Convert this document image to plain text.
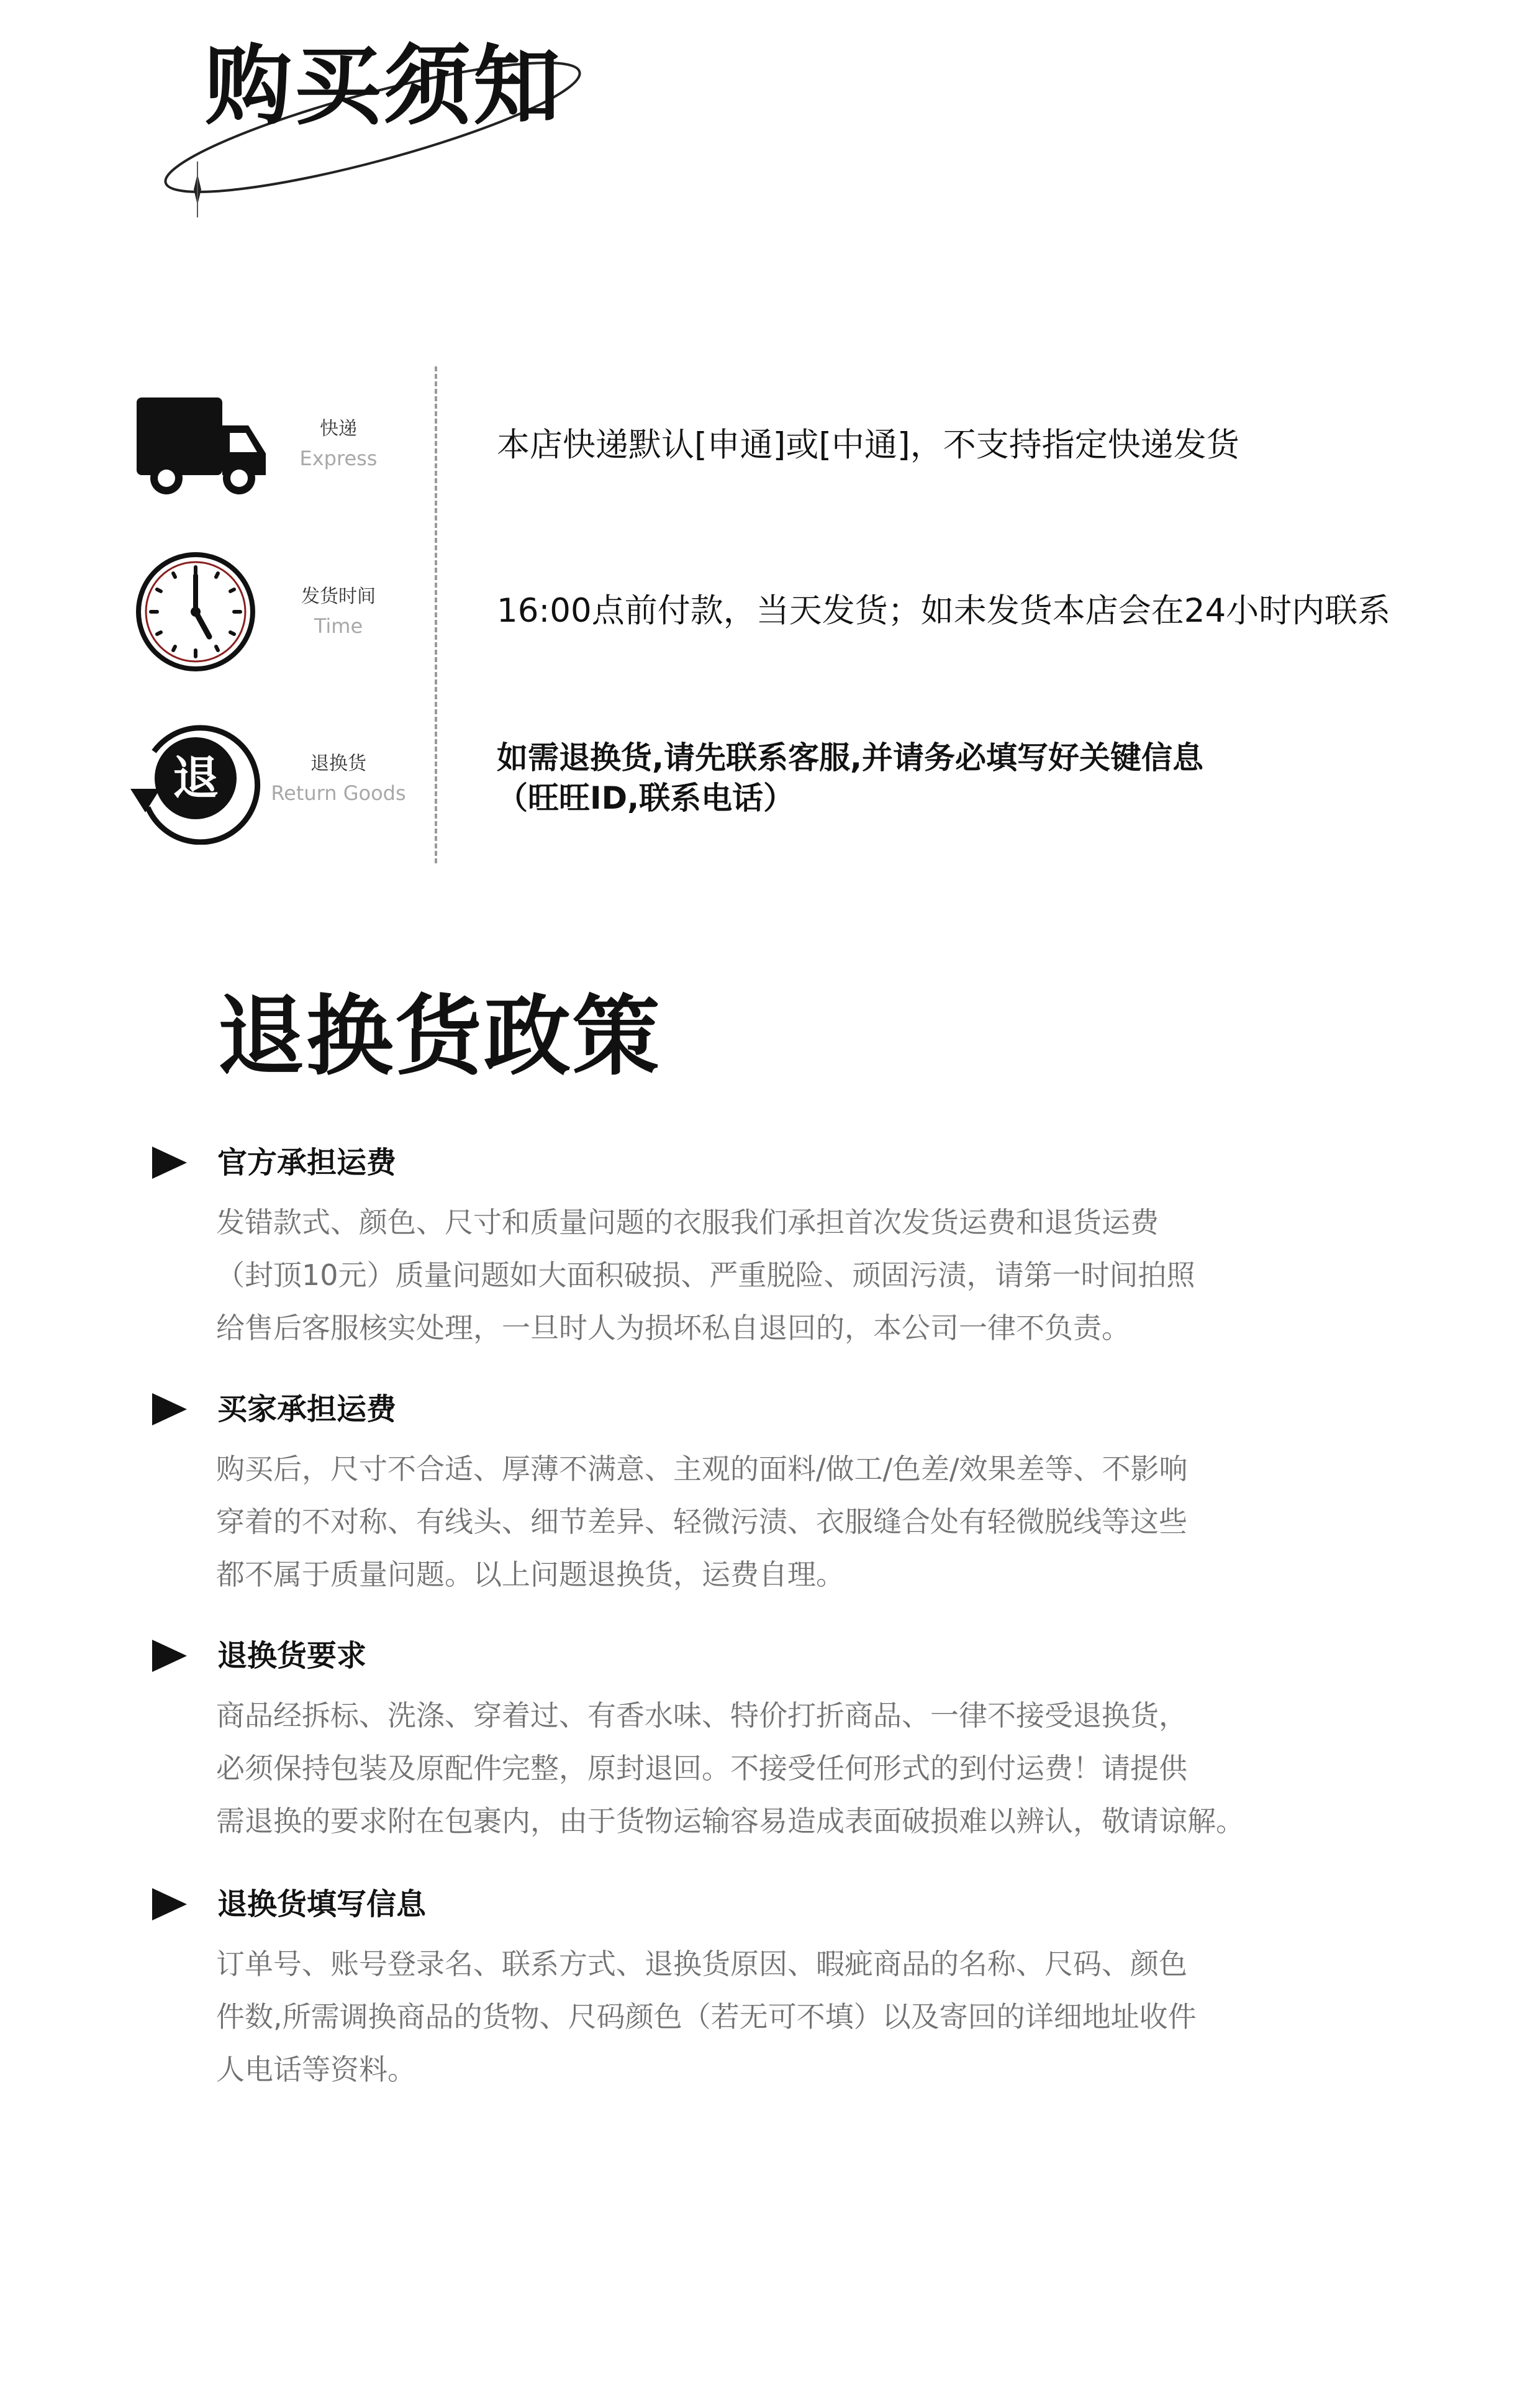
购买须知
快递
Express	本店快递默认[申通]或[中通]，不支持指定快递发货
发货时间
Time	16:00点前付款，当天发货；如未发货本店会在24小时内联系
退	退换货
Return Goods
如需退换货,请先联系客服,并请务必填写好关键信息
（旺旺ID,联系电话）
退换货政策
官方承担运费
发错款式、颜色、尺寸和质量问题的衣服我们承担首次发货运费和退货运费
（封顶10元）质量问题如大面积破损、严重脱险、顽固污渍，请第一时间拍照
给售后客服核实处理，一旦时人为损坏私自退回的，本公司一律不负责。
买家承担运费
购买后，尺寸不合适、厚薄不满意、主观的面料/做工/色差/效果差等、不影响
穿着的不对称、有线头、细节差异、轻微污渍、衣服缝合处有轻微脱线等这些
都不属于质量问题。以上问题退换货，运费自理。
退换货要求
商品经拆标、洗涤、穿着过、有香水味、特价打折商品、一律不接受退换货，
必须保持包装及原配件完整，原封退回。不接受任何形式的到付运费！请提供
需退换的要求附在包裹内，由于货物运输容易造成表面破损难以辨认，敬请谅解。
退换货填写信息
订单号、账号登录名、联系方式、退换货原因、暇疵商品的名称、尺码、颜色
件数,所需调换商品的货物、尺码颜色（若无可不填）以及寄回的详细地址收件
人电话等资料。
